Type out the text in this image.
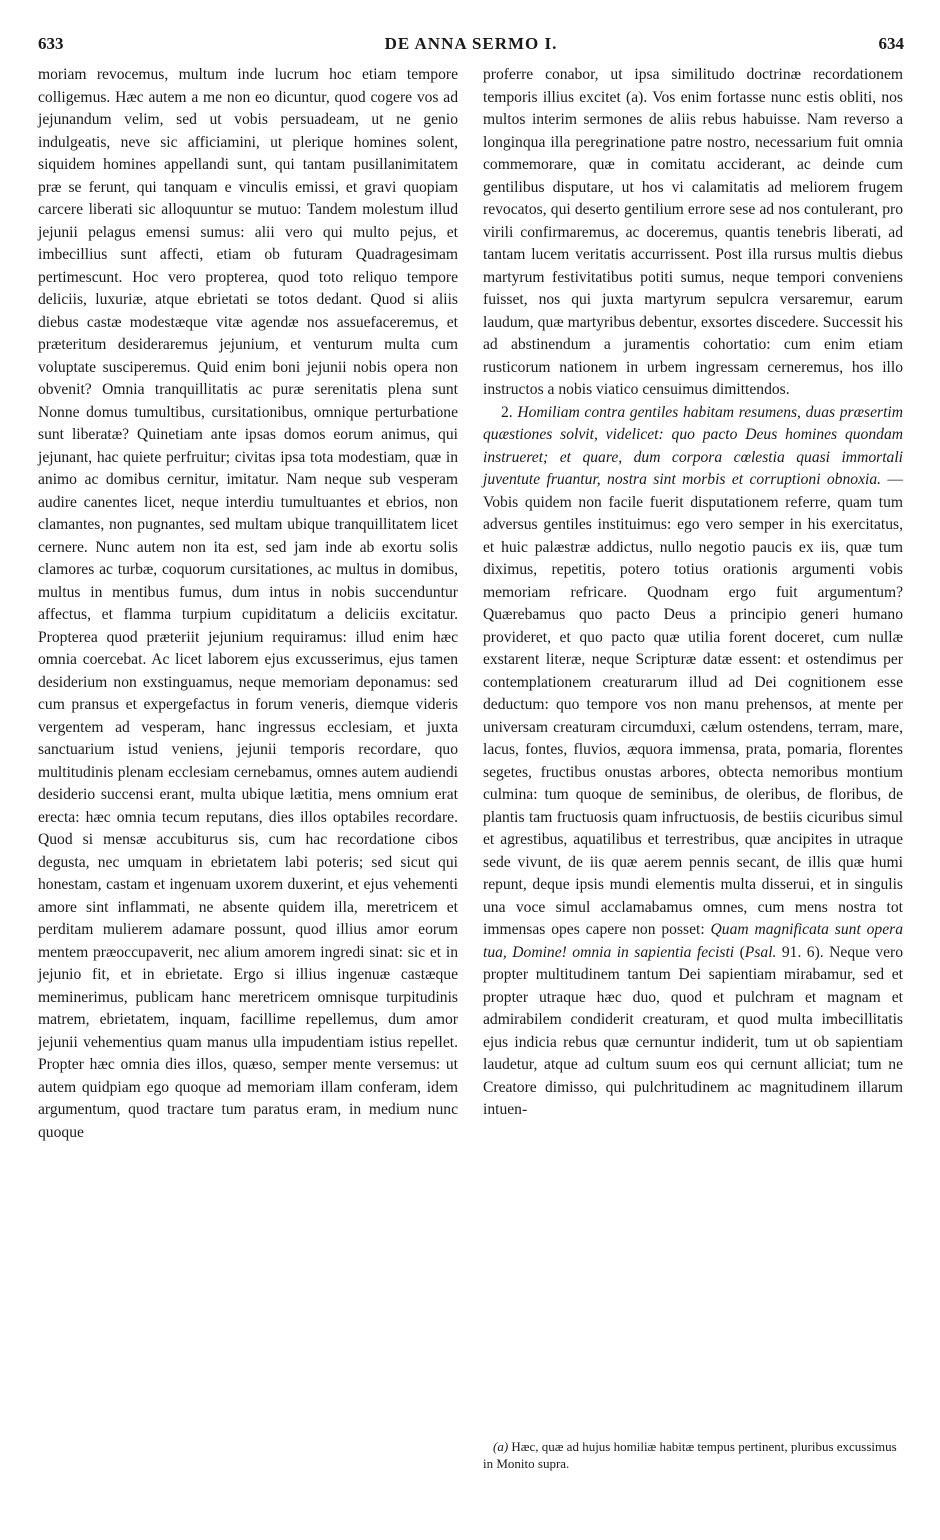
633	DE ANNA SERMO I.	634

moriam revocemus, multum inde lucrum hoc etiam tempore colligemus. Hæc autem a me non eo dicuntur, quod cogere vos ad jejunandum velim, sed ut vobis persuadeam, ut ne genio indulgeatis, neve sic afficiamini, ut plerique homines solent, siquidem homines appellandi sunt, qui tantam pusillanimitatem præ se ferunt, qui tanquam e vinculis emissi, et gravi quopiam carcere liberati sic alloquuntur se mutuo: Tandem molestum illud jejunii pelagus emensi sumus: alii vero qui multo pejus, et imbecillius sunt affecti, etiam ob futuram Quadragesimam pertimescunt. Hoc vero propterea, quod toto reliquo tempore deliciis, luxuriæ, atque ebrietati se totos dedant. Quod si aliis diebus castæ modestæque vitæ agendæ nos assuefaceremus, et præteritum desideraremus jejunium, et venturum multa cum voluptate susciperemus. Quid enim boni jejunii nobis opera non obvenit? Omnia tranquillitatis ac puræ serenitatis plena sunt Nonne domus tumultibus, cursitationibus, omnique perturbatione sunt liberatæ? Quinetiam ante ipsas domos eorum animus, qui jejunant, hac quiete perfruitur; civitas ipsa tota modestiam, quæ in animo ac domibus cernitur, imitatur. Nam neque sub vesperam audire canentes licet, neque interdiu tumultuantes et ebrios, non clamantes, non pugnantes, sed multam ubique tranquillitatem licet cernere. Nunc autem non ita est, sed jam inde ab exortu solis clamores ac turbæ, coquorum cursitationes, ac multus in domibus, multus in mentibus fumus, dum intus in nobis succenduntur affectus, et flamma turpium cupiditatum a deliciis excitatur. Propterea quod præteriit jejunium requiramus: illud enim hæc omnia coercebat. Ac licet laborem ejus excusserimus, ejus tamen desiderium non exstinguamus, neque memoriam deponamus: sed cum pransus et expergefactus in forum veneris, diemque videris vergentem ad vesperam, hanc ingressus ecclesiam, et juxta sanctuarium istud veniens, jejunii temporis recordare, quo multitudinis plenam ecclesiam cernebamus, omnes autem audiendi desiderio succensi erant, multa ubique lætitia, mens omnium erat erecta: hæc omnia tecum reputans, dies illos optabiles recordare. Quod si mensæ accubiturus sis, cum hac recordatione cibos degusta, nec umquam in ebrietatem labi poteris; sed sicut qui honestam, castam et ingenuam uxorem duxerint, et ejus vehementi amore sint inflammati, ne absente quidem illa, meretricem et perditam mulierem adamare possunt, quod illius amor eorum mentem præoccupaverit, nec alium amorem ingredi sinat: sic et in jejunio fit, et in ebrietate. Ergo si illius ingenuæ castæque meminerimus, publicam hanc meretricem omnisque turpitudinis matrem, ebrietatem, inquam, facillime repellemus, dum amor jejunii vehementius quam manus ulla impudentiam istius repellet. Propter hæc omnia dies illos, quæso, semper mente versemus: ut autem quidpiam ego quoque ad memoriam illam conferam, idem argumentum, quod tractare tum paratus eram, in medium nunc quoque

proferre conabor, ut ipsa similitudo doctrinæ recordationem temporis illius excitet (a). Vos enim fortasse nunc estis obliti, nos multos interim sermones de aliis rebus habuisse. Nam reverso a longinqua illa peregrinatione patre nostro, necessarium fuit omnia commemorare, quæ in comitatu acciderant, ac deinde cum gentilibus disputare, ut hos vi calamitatis ad meliorem frugem revocatos, qui deserto gentilium errore sese ad nos contulerant, pro virili confirmaremus, ac doceremus, quantis tenebris liberati, ad tantam lucem veritatis accurrissent. Post illa rursus multis diebus martyrum festivitatibus potiti sumus, neque tempori conveniens fuisset, nos qui juxta martyrum sepulcra versaremur, earum laudum, quæ martyribus debentur, exsortes discedere. Successit his ad abstinendum a juramentis cohortatio: cum enim etiam rusticorum nationem in urbem ingressam cerneremus, hos illo instructos a nobis viatico censuimus dimittendos.

2. Homiliam contra gentiles habitam resumens, duas præsertim quæstiones solvit, videlicet: quo pacto Deus homines quondam instrueret; et quare, dum corpora cœlestia quasi immortali juventute fruantur, nostra sint morbis et corruptioni obnoxia. — Vobis quidem non facile fuerit disputationem referre, quam tum adversus gentiles instituimus: ego vero semper in his exercitatus, et huic palæstræ addictus, nullo negotio paucis ex iis, quæ tum diximus, repetitis, potero totius orationis argumenti vobis memoriam refricare. Quodnam ergo fuit argumentum? Quærebamus quo pacto Deus a principio generi humano provideret, et quo pacto quæ utilia forent doceret, cum nullæ exstarent literæ, neque Scripturæ datæ essent: et ostendimus per contemplationem creaturarum illud ad Dei cognitionem esse deductum: quo tempore vos non manu prehensos, at mente per universam creaturam circumduxi, cælum ostendens, terram, mare, lacus, fontes, fluvios, æquora immensa, prata, pomaria, florentes segetes, fructibus onustas arbores, obtecta nemoribus montium culmina: tum quoque de seminibus, de oleribus, de floribus, de plantis tam fructuosis quam infructuosis, de bestiis cicuribus simul et agrestibus, aquatilibus et terrestribus, quæ ancipites in utraque sede vivunt, de iis quæ aerem pennis secant, de illis quæ humi repunt, deque ipsis mundi elementis multa disserui, et in singulis una voce simul acclamabamus omnes, cum mens nostra tot immensas opes capere non posset: Quam magnificata sunt opera tua, Domine! omnia in sapientia fecisti (Psal. 91. 6). Neque vero propter multitudinem tantum Dei sapientiam mirabamur, sed et propter utraque hæc duo, quod et pulchram et magnam et admirabilem condiderit creaturam, et quod multa imbecillitatis ejus indicia rebus quæ cernuntur indiderit, tum ut ob sapientiam laudetur, atque ad cultum suum eos qui cernunt alliciat; tum ne Creatore dimisso, qui pulchritudinem ac magnitudinem illarum intuen-

(a) Hæc, quæ ad hujus homiliæ habitæ tempus pertinent, pluribus excussimus in Monito supra.
